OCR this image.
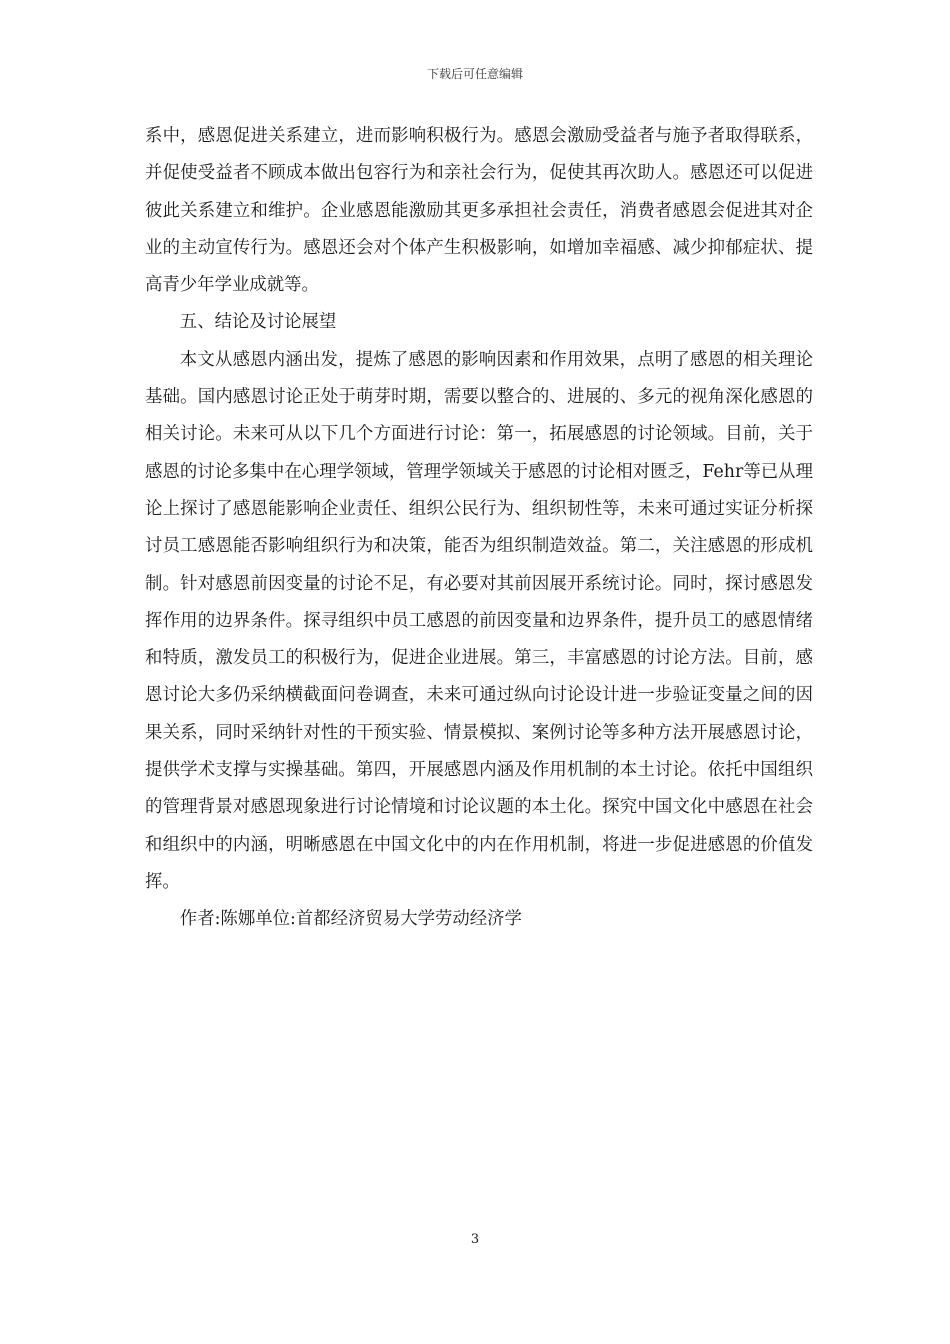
下载后可任意编辑

系中，感恩促进关系建立，进而影响积极行为。感恩会激励受益者与施予者取得联系，并促使受益者不顾成本做出包容行为和亲社会行为，促使其再次助人。感恩还可以促进彼此关系建立和维护。企业感恩能激励其更多承担社会责任，消费者感恩会促进其对企业的主动宣传行为。感恩还会对个体产生积极影响，如增加幸福感、减少抑郁症状、提高青少年学业成就等。

五、结论及讨论展望

本文从感恩内涵出发，提炼了感恩的影响因素和作用效果，点明了感恩的相关理论基础。国内感恩讨论正处于萌芽时期，需要以整合的、进展的、多元的视角深化感恩的相关讨论。未来可从以下几个方面进行讨论：第一，拓展感恩的讨论领域。目前，关于感恩的讨论多集中在心理学领域，管理学领域关于感恩的讨论相对匮乏，Fehr等已从理论上探讨了感恩能影响企业责任、组织公民行为、组织韧性等，未来可通过实证分析探讨员工感恩能否影响组织行为和决策，能否为组织制造效益。第二，关注感恩的形成机制。针对感恩前因变量的讨论不足，有必要对其前因展开系统讨论。同时，探讨感恩发挥作用的边界条件。探寻组织中员工感恩的前因变量和边界条件，提升员工的感恩情绪和特质，激发员工的积极行为，促进企业进展。第三，丰富感恩的讨论方法。目前，感恩讨论大多仍采纳横截面问卷调查，未来可通过纵向讨论设计进一步验证变量之间的因果关系，同时采纳针对性的干预实验、情景模拟、案例讨论等多种方法开展感恩讨论，提供学术支撑与实操基础。第四，开展感恩内涵及作用机制的本土讨论。依托中国组织的管理背景对感恩现象进行讨论情境和讨论议题的本土化。探究中国文化中感恩在社会和组织中的内涵，明晰感恩在中国文化中的内在作用机制，将进一步促进感恩的价值发挥。

作者:陈娜单位:首都经济贸易大学劳动经济学

3
